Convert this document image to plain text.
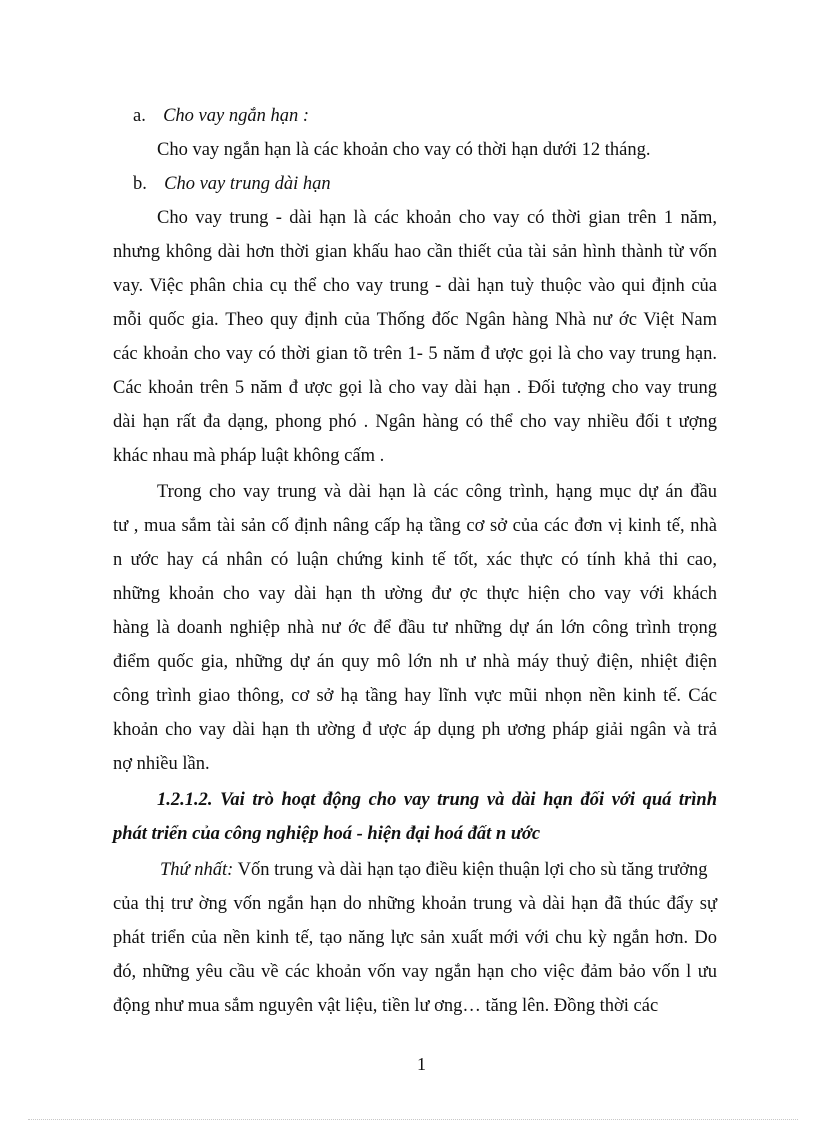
a. Cho vay ngắn hạn :
Cho vay ngắn hạn là các khoản cho vay có thời hạn dưới 12 tháng.
b. Cho vay trung dài hạn
Cho vay trung - dài hạn là các khoản cho vay có thời gian trên 1 năm,
nhưng không dài hơn thời gian khấu hao cần thiết của tài sản hình thành từ vốn
vay. Việc phân chia cụ thể cho vay trung - dài hạn tuỳ thuộc vào qui định của
mỗi quốc gia. Theo quy định của Thống đốc Ngân hàng Nhà nư ớc Việt Nam
các khoản cho vay có thời gian tõ trên 1- 5 năm đ ược gọi là cho vay trung hạn.
Các khoản trên 5 năm đ ược gọi là cho vay dài hạn . Đối tượng cho vay trung
dài hạn rất đa dạng, phong phó . Ngân hàng có thể cho vay nhiều đối t ượng
khác nhau mà pháp luật không cấm .
Trong cho vay trung và dài hạn là các công trình, hạng mục dự án đầu
tư , mua sắm tài sản cố định nâng cấp hạ tầng cơ sở của các đơn vị kinh tế, nhà
n ước hay cá nhân có luận chứng kinh tế tốt, xác thực có tính khả thi cao,
những khoản cho vay dài hạn th ường đư ợc thực hiện cho vay với khách
hàng là doanh nghiệp nhà nư ớc để đầu tư những dự án lớn công trình trọng
điểm quốc gia, những dự án quy mô lớn nh ư nhà máy thuỷ điện, nhiệt điện
công trình giao thông, cơ sở hạ tầng hay lĩnh vực mũi nhọn nền kinh tế. Các
khoản cho vay dài hạn th ường đ ược áp dụng ph ương pháp giải ngân và trả
nợ nhiều lần.
1.2.1.2. Vai trò hoạt động cho vay trung và dài hạn đối với quá trình
phát triển của công nghiệp hoá - hiện đại hoá đất n ước
Thứ nhất: Vốn trung và dài hạn tạo điều kiện thuận lợi cho sù tăng trưởng
của thị trư ờng vốn ngắn hạn do những khoản trung và dài hạn đã thúc đẩy sự
phát triển của nền kinh tế, tạo năng lực sản xuất mới với chu kỳ ngắn hơn. Do
đó, những yêu cầu về các khoản vốn vay ngắn hạn cho việc đảm bảo vốn l ưu
động như mua sắm nguyên vật liệu, tiền lư ơng… tăng lên. Đồng thời các
1
